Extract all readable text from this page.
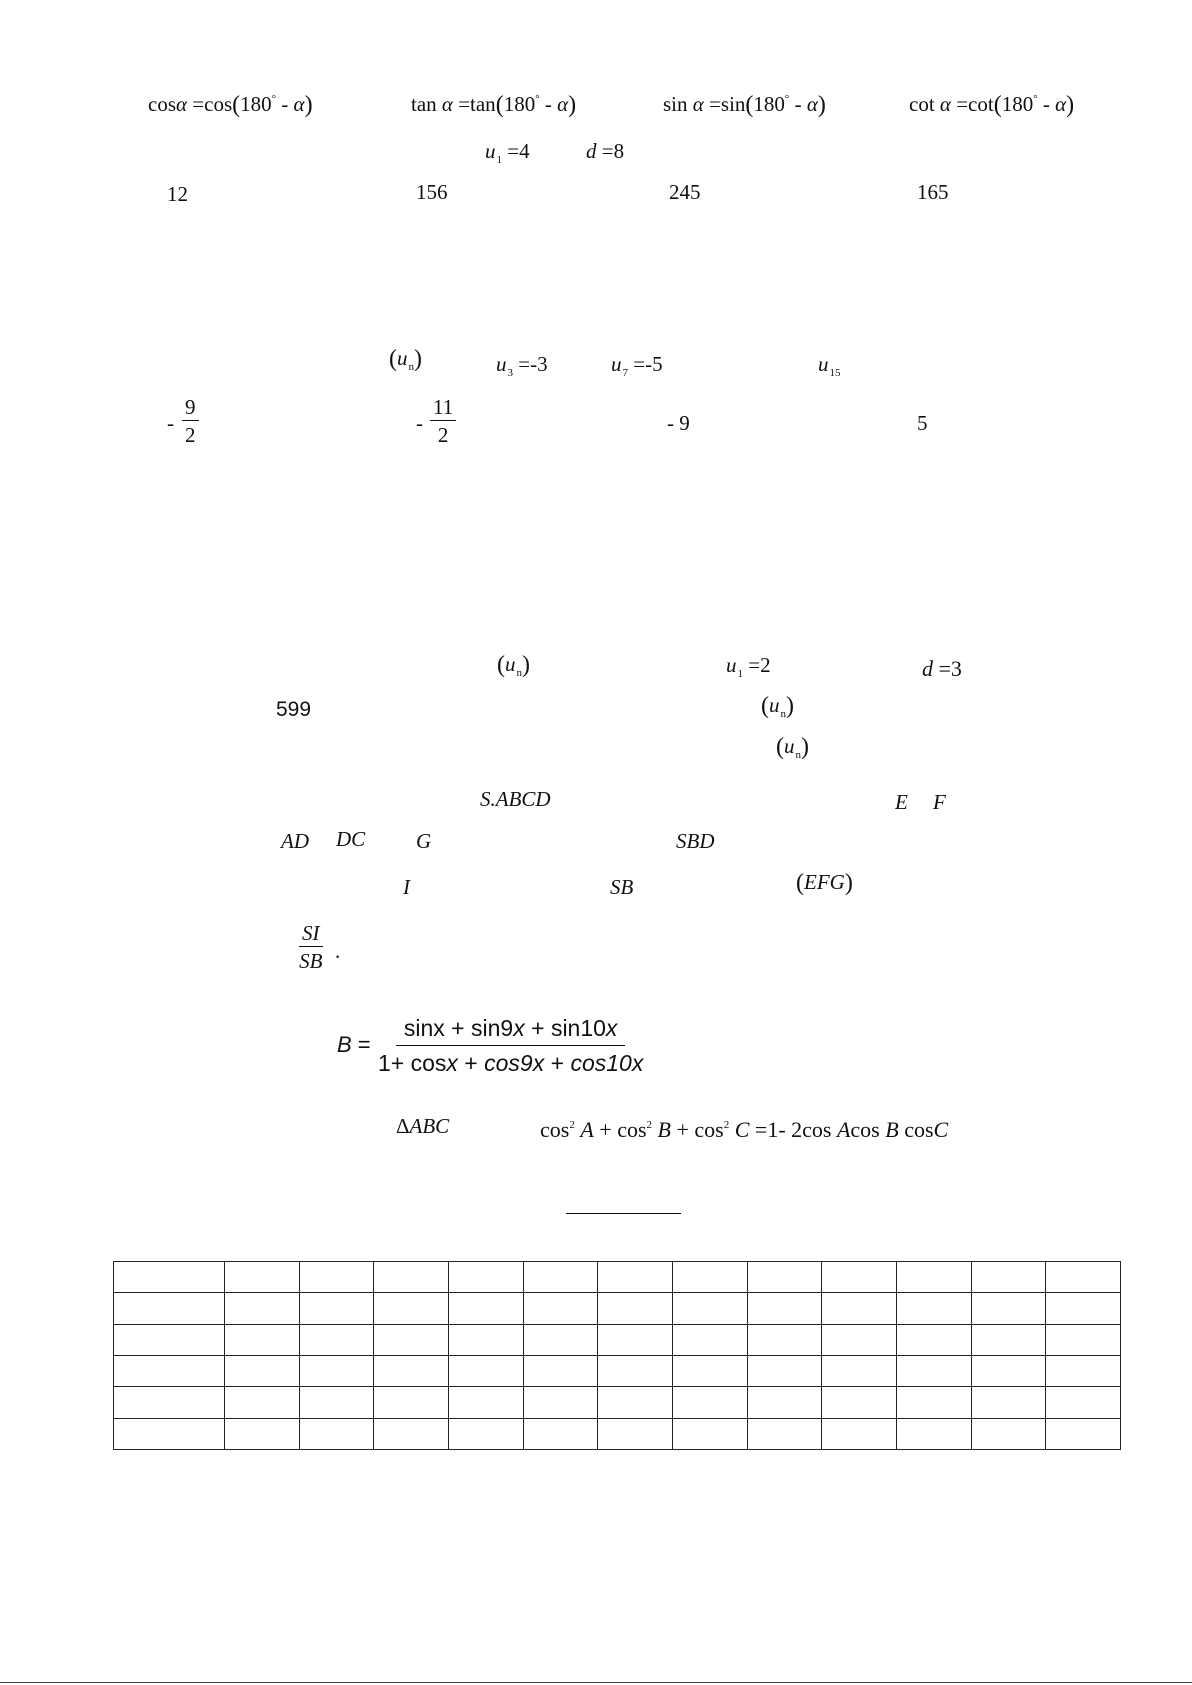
cosα =cos(180° - α)	tan α =tan(180° - α)	sin α =sin(180° - α)	cot α =cot(180° - α)
$u_1 =4$	d =8
12	156	245	165
$(u_n)$	$u_3 =-3$	$u_7 =-5$	$u_{15}$
- $\frac{9}{2}$	- $\frac{11}{2}$	- 9	5
$(u_n)$	$u_1 =2$	d =3
599	$(u_n)$
$(u_n)$
S.ABCD	E F
AD DC G	SBD
I	SB	(EFG)
$\frac{SI}{SB}$ .
$B = \frac{\sin x + \sin 9x + \sin 10x}{1+ \cos x + \cos 9x + \cos 10x}$
ΔABC	$\cos^2 A + \cos^2 B + \cos^2 C =1-$ 2cos Acos B cosC
